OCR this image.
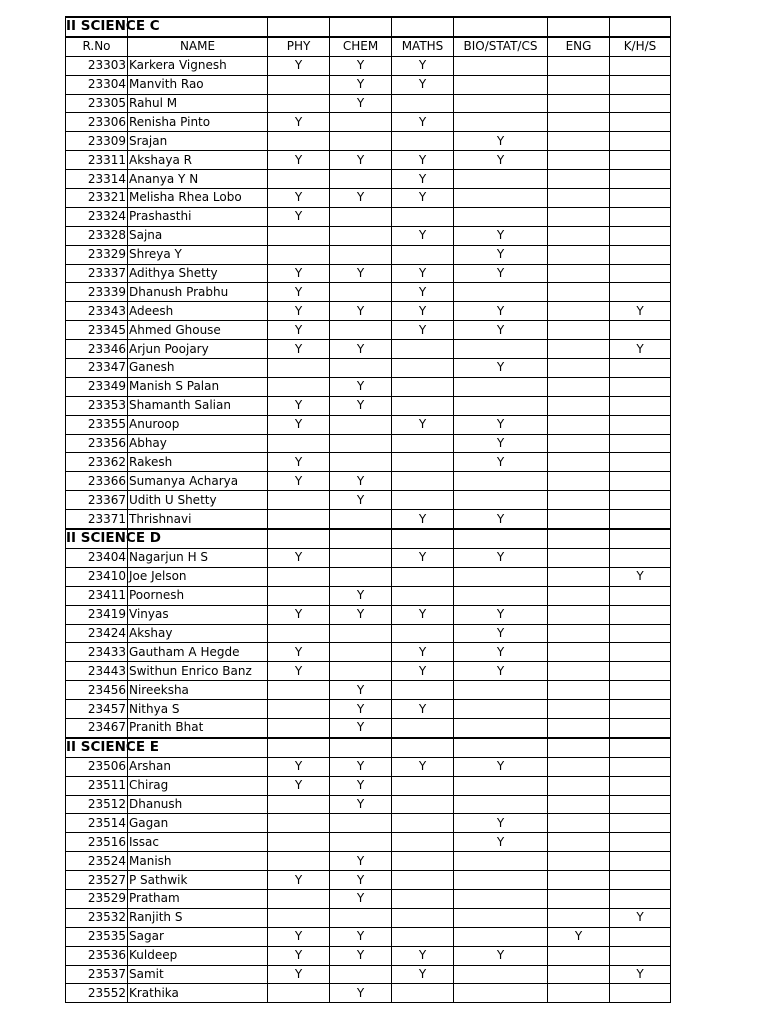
II SCIENCE C							
R.No	NAME	PHY	CHEM	MATHS	BIO/STAT/CS	ENG	K/H/S
23303	Karkera Vignesh	Y	Y	Y			
23304	Manvith Rao		Y	Y			
23305	Rahul M		Y				
23306	Renisha Pinto	Y		Y			
23309	Srajan				Y		
23311	Akshaya R	Y	Y	Y	Y		
23314	Ananya Y N			Y			
23321	Melisha Rhea Lobo	Y	Y	Y			
23324	Prashasthi	Y					
23328	Sajna			Y	Y		
23329	Shreya Y				Y		
23337	Adithya Shetty	Y	Y	Y	Y		
23339	Dhanush Prabhu	Y		Y			
23343	Adeesh	Y	Y	Y	Y		Y
23345	Ahmed Ghouse	Y		Y	Y		
23346	Arjun Poojary	Y	Y				Y
23347	Ganesh				Y		
23349	Manish S Palan		Y				
23353	Shamanth Salian	Y	Y				
23355	Anuroop	Y		Y	Y		
23356	Abhay				Y		
23362	Rakesh	Y			Y		
23366	Sumanya Acharya	Y	Y				
23367	Udith U Shetty		Y				
23371	Thrishnavi			Y	Y		
II SCIENCE D							
23404	Nagarjun H S	Y		Y	Y		
23410	Joe Jelson						Y
23411	Poornesh		Y				
23419	Vinyas	Y	Y	Y	Y		
23424	Akshay				Y		
23433	Gautham A Hegde	Y		Y	Y		
23443	Swithun Enrico Banz	Y		Y	Y		
23456	Nireeksha		Y				
23457	Nithya S		Y	Y			
23467	Pranith Bhat		Y				
II SCIENCE E							
23506	Arshan	Y	Y	Y	Y		
23511	Chirag	Y	Y				
23512	Dhanush		Y				
23514	Gagan				Y		
23516	Issac				Y		
23524	Manish		Y				
23527	P Sathwik	Y	Y				
23529	Pratham		Y				
23532	Ranjith S						Y
23535	Sagar	Y	Y			Y	
23536	Kuldeep	Y	Y	Y	Y		
23537	Samit	Y		Y			Y
23552	Krathika		Y				
